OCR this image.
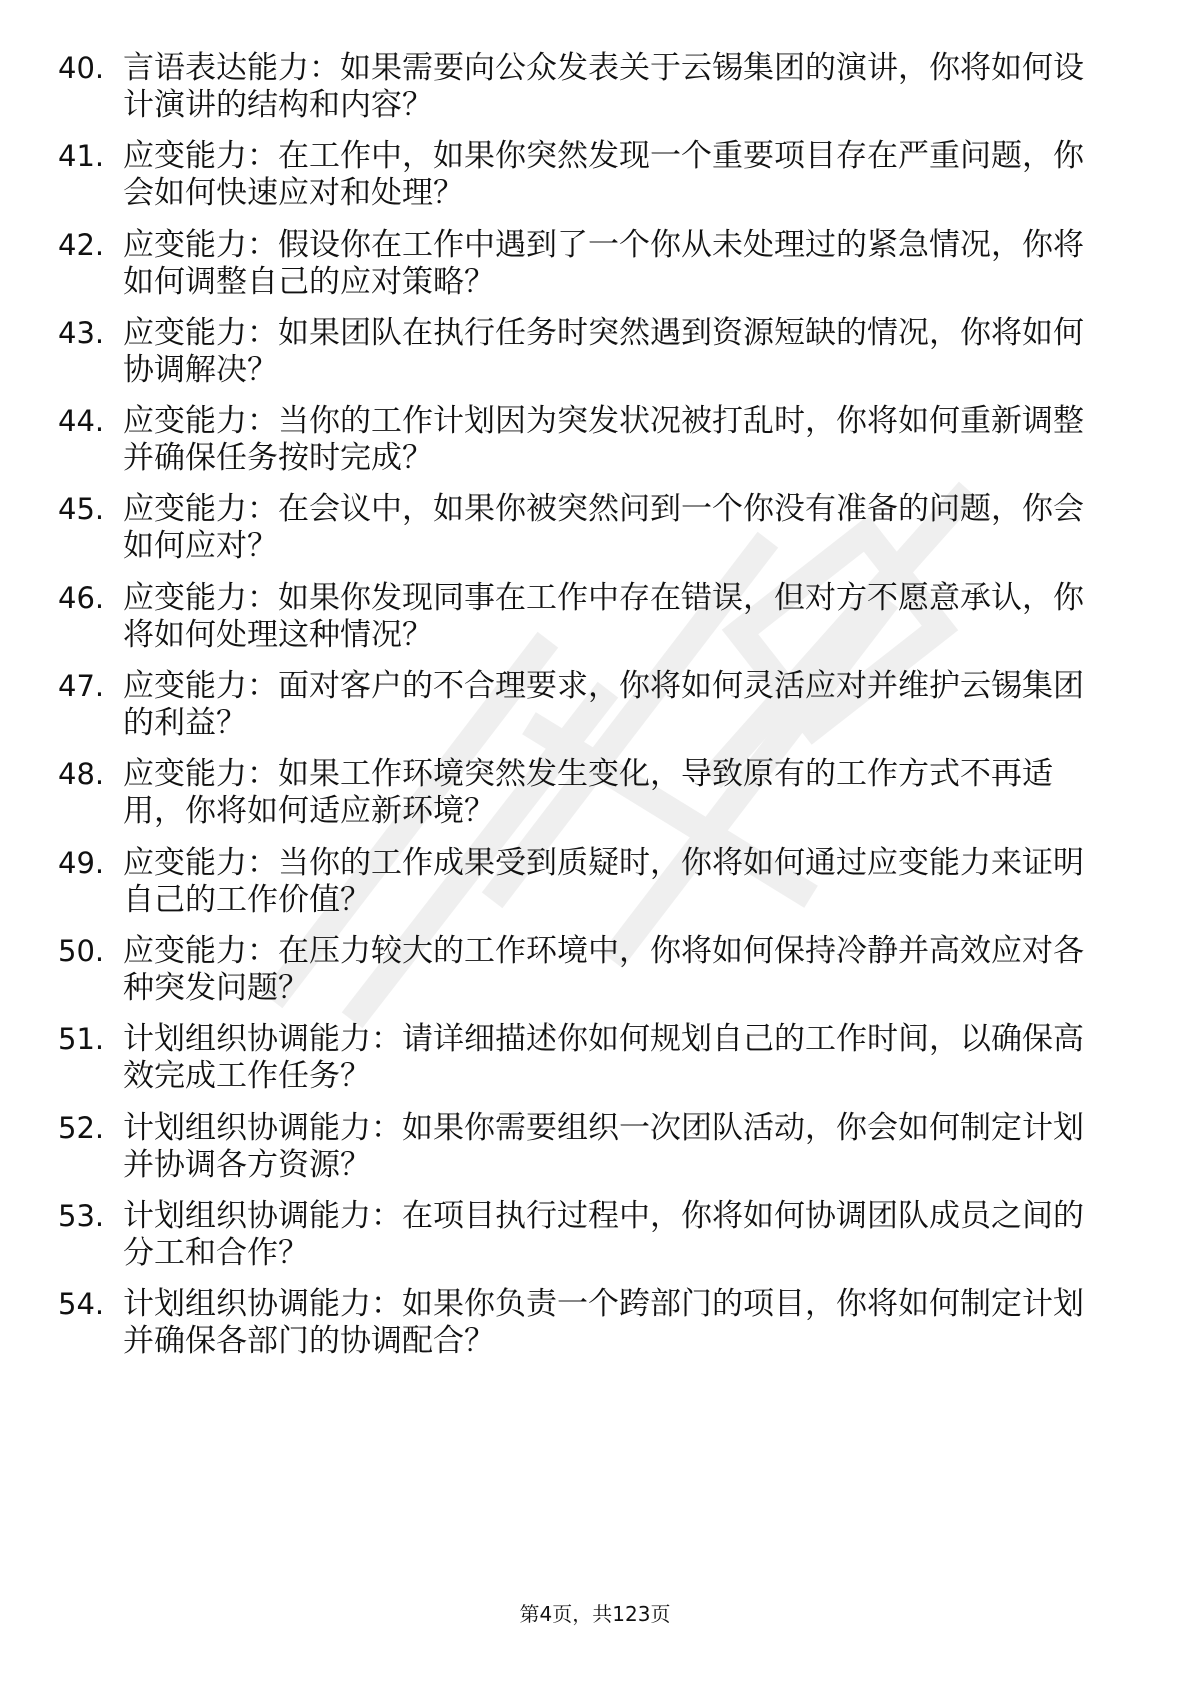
40. 言语表达能力：如果需要向公众发表关于云锡集团的演讲，你将如何设计演讲的结构和内容？
41. 应变能力：在工作中，如果你突然发现一个重要项目存在严重问题，你会如何快速应对和处理？
42. 应变能力：假设你在工作中遇到了一个你从未处理过的紧急情况，你将如何调整自己的应对策略？
43. 应变能力：如果团队在执行任务时突然遇到资源短缺的情况，你将如何协调解决？
44. 应变能力：当你的工作计划因为突发状况被打乱时，你将如何重新调整并确保任务按时完成？
45. 应变能力：在会议中，如果你被突然问到一个你没有准备的问题，你会如何应对？
46. 应变能力：如果你发现同事在工作中存在错误，但对方不愿意承认，你将如何处理这种情况？
47. 应变能力：面对客户的不合理要求，你将如何灵活应对并维护云锡集团的利益？
48. 应变能力：如果工作环境突然发生变化，导致原有的工作方式不再适用，你将如何适应新环境？
49. 应变能力：当你的工作成果受到质疑时，你将如何通过应变能力来证明自己的工作价值？
50. 应变能力：在压力较大的工作环境中，你将如何保持冷静并高效应对各种突发问题？
51. 计划组织协调能力：请详细描述你如何规划自己的工作时间，以确保高效完成工作任务？
52. 计划组织协调能力：如果你需要组织一次团队活动，你会如何制定计划并协调各方资源？
53. 计划组织协调能力：在项目执行过程中，你将如何协调团队成员之间的分工和合作？
54. 计划组织协调能力：如果你负责一个跨部门的项目，你将如何制定计划并确保各部门的协调配合？
第4页，共123页
